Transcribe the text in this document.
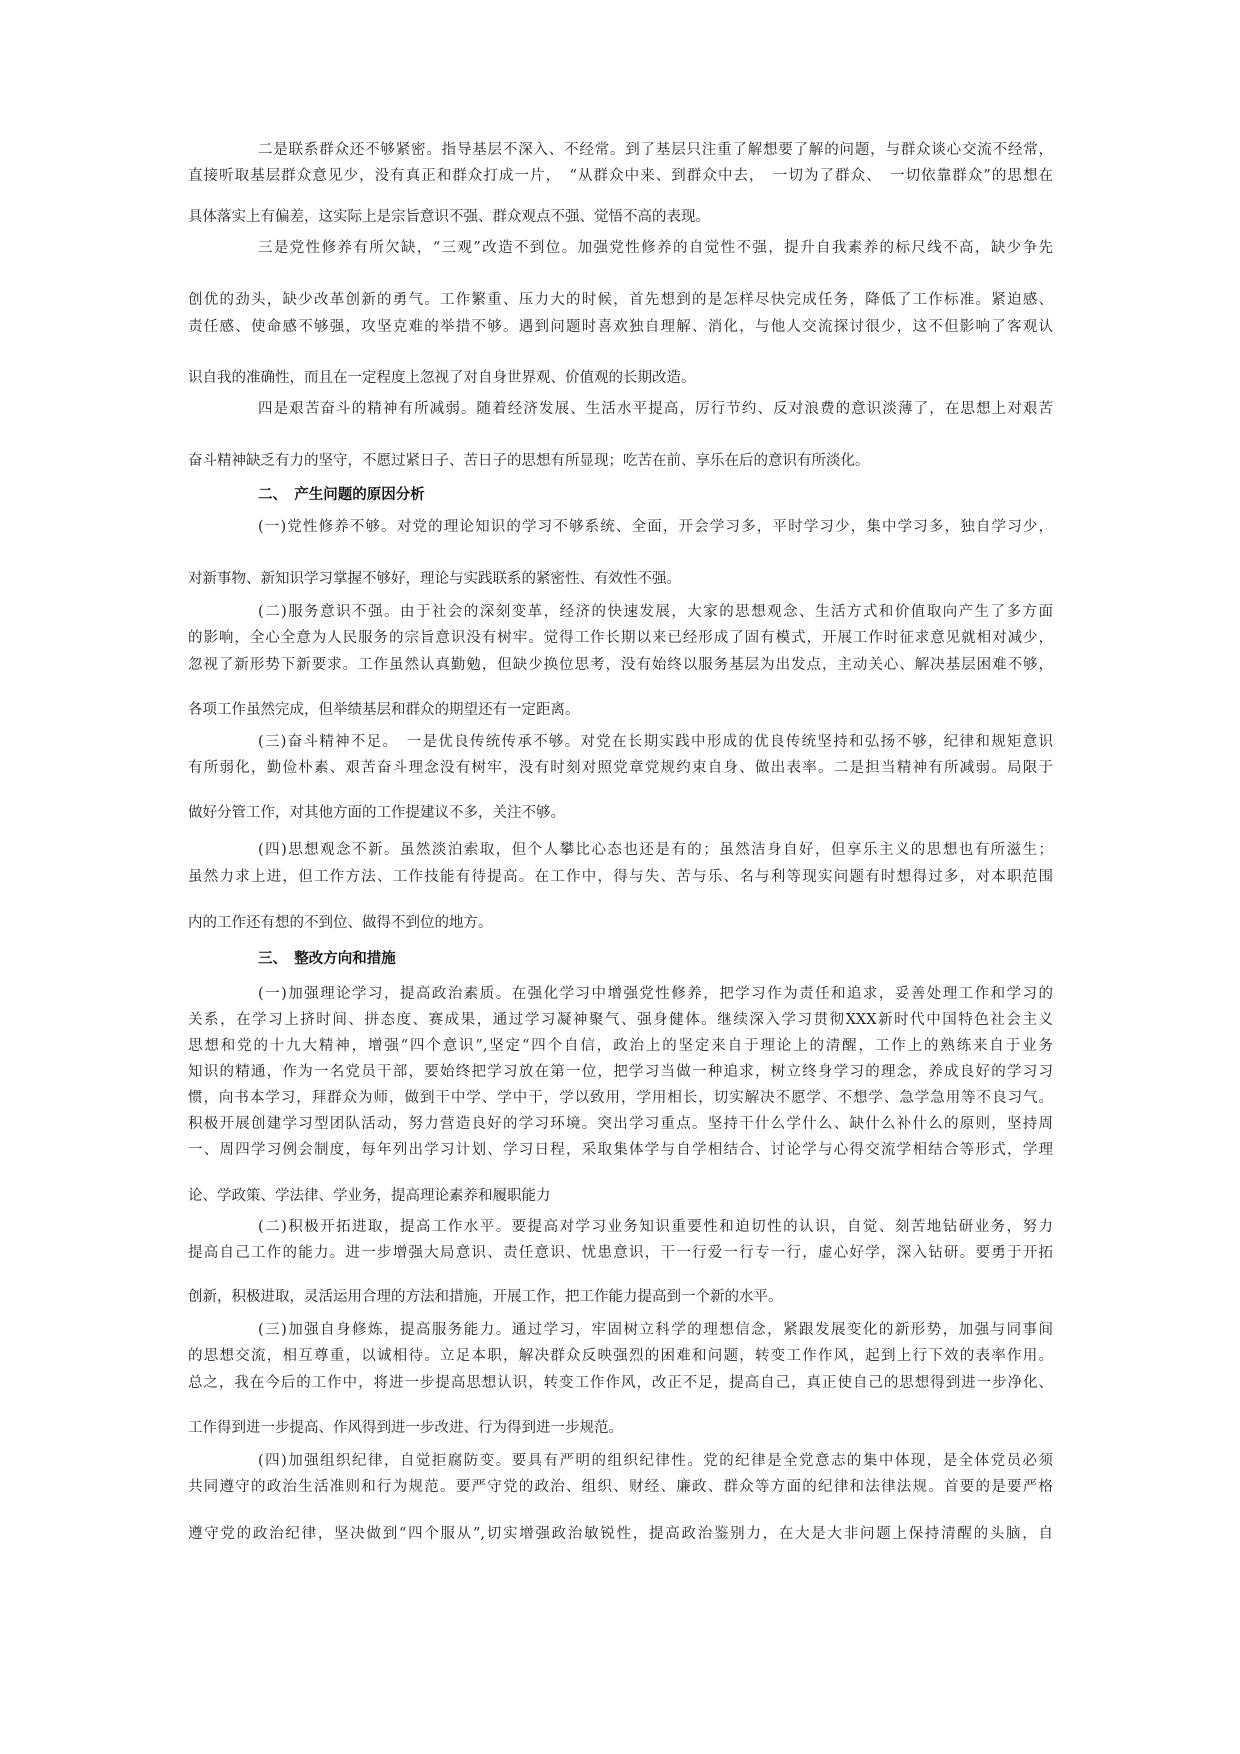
二是联系群众还不够紧密。指导基层不深入、不经常。到了基层只注重了解想要了解的问题，与群众谈心交流不经常，

直接听取基层群众意见少，没有真正和群众打成一片，　“从群众中来、到群众中去，　一切为了群众、　一切依靠群众”的思想在

具体落实上有偏差，这实际上是宗旨意识不强、群众观点不强、觉悟不高的表现。

三是党性修养有所欠缺，“三观”改造不到位。加强党性修养的自觉性不强，提升自我素养的标尺线不高，缺少争先

创优的劲头，缺少改革创新的勇气。工作繁重、压力大的时候，首先想到的是怎样尽快完成任务，降低了工作标准。紧迫感、

责任感、使命感不够强，攻坚克难的举措不够。遇到问题时喜欢独自理解、消化，与他人交流探讨很少，这不但影响了客观认

识自我的准确性，而且在一定程度上忽视了对自身世界观、价值观的长期改造。

四是艰苦奋斗的精神有所减弱。随着经济发展、生活水平提高，厉行节约、反对浪费的意识淡薄了，在思想上对艰苦

奋斗精神缺乏有力的坚守，不愿过紧日子、苦日子的思想有所显现；吃苦在前、享乐在后的意识有所淡化。

二、　产生问题的原因分析

(一)党性修养不够。对党的理论知识的学习不够系统、全面，开会学习多，平时学习少，集中学习多，独自学习少，

对新事物、新知识学习掌握不够好，理论与实践联系的紧密性、有效性不强。

(二)服务意识不强。由于社会的深刻变革，经济的快速发展，大家的思想观念、生活方式和价值取向产生了多方面

的影响，全心全意为人民服务的宗旨意识没有树牢。觉得工作长期以来已经形成了固有模式，开展工作时征求意见就相对减少，

忽视了新形势下新要求。工作虽然认真勤勉，但缺少换位思考，没有始终以服务基层为出发点，主动关心、解决基层困难不够，

各项工作虽然完成，但举绩基层和群众的期望还有一定距离。

(三)奋斗精神不足。　一是优良传统传承不够。对党在长期实践中形成的优良传统坚持和弘扬不够，纪律和规矩意识

有所弱化，勤俭朴素、艰苦奋斗理念没有树牢，没有时刻对照党章党规约束自身、做出表率。二是担当精神有所减弱。局限于

做好分管工作，对其他方面的工作提建议不多，关注不够。

(四)思想观念不新。虽然淡泊索取，但个人攀比心态也还是有的；虽然洁身自好，但享乐主义的思想也有所滋生；

虽然力求上进，但工作方法、工作技能有待提高。在工作中，得与失、苦与乐、名与利等现实问题有时想得过多，对本职范围

内的工作还有想的不到位、做得不到位的地方。

三、　整改方向和措施

(一)加强理论学习，提高政治素质。在强化学习中增强党性修养，把学习作为责任和追求，妥善处理工作和学习的

关系，在学习上挤时间、拼态度、赛成果，通过学习凝神聚气、强身健体。继续深入学习贯彻XXX新时代中国特色社会主义

思想和党的十九大精神，增强“四个意识”,坚定“四个自信，政治上的坚定来自于理论上的清醒，工作上的熟练来自于业务

知识的精通，作为一名党员干部，要始终把学习放在第一位，把学习当做一种追求，树立终身学习的理念，养成良好的学习习

惯，向书本学习，拜群众为师，做到干中学、学中干，学以致用，学用相长，切实解决不愿学、不想学、急学急用等不良习气。

积极开展创建学习型团队活动，努力营造良好的学习环境。突出学习重点。坚持干什么学什么、缺什么补什么的原则，坚持周

一、周四学习例会制度，每年列出学习计划、学习日程，采取集体学与自学相结合、讨论学与心得交流学相结合等形式，学理

论、学政策、学法律、学业务，提高理论素养和履职能力

(二)积极开拓进取，提高工作水平。要提高对学习业务知识重要性和迫切性的认识，自觉、刻苦地钻研业务，努力

提高自己工作的能力。进一步增强大局意识、责任意识、忧患意识，干一行爱一行专一行，虚心好学，深入钻研。要勇于开拓

创新，积极进取，灵活运用合理的方法和措施，开展工作，把工作能力提高到一个新的水平。

(三)加强自身修炼，提高服务能力。通过学习，牢固树立科学的理想信念，紧跟发展变化的新形势，加强与同事间

的思想交流，相互尊重，以诚相待。立足本职，解决群众反映强烈的困难和问题，转变工作作风，起到上行下效的表率作用。

总之，我在今后的工作中，将进一步提高思想认识，转变工作作风，改正不足，提高自己，真正使自己的思想得到进一步净化、

工作得到进一步提高、作风得到进一步改进、行为得到进一步规范。

(四)加强组织纪律，自觉拒腐防变。要具有严明的组织纪律性。党的纪律是全党意志的集中体现，是全体党员必须

共同遵守的政治生活准则和行为规范。要严守党的政治、组织、财经、廉政、群众等方面的纪律和法律法规。首要的是要严格

遵守党的政治纪律，坚决做到“四个服从”,切实增强政治敏锐性，提高政治鉴别力，在大是大非问题上保持清醒的头脑，自
